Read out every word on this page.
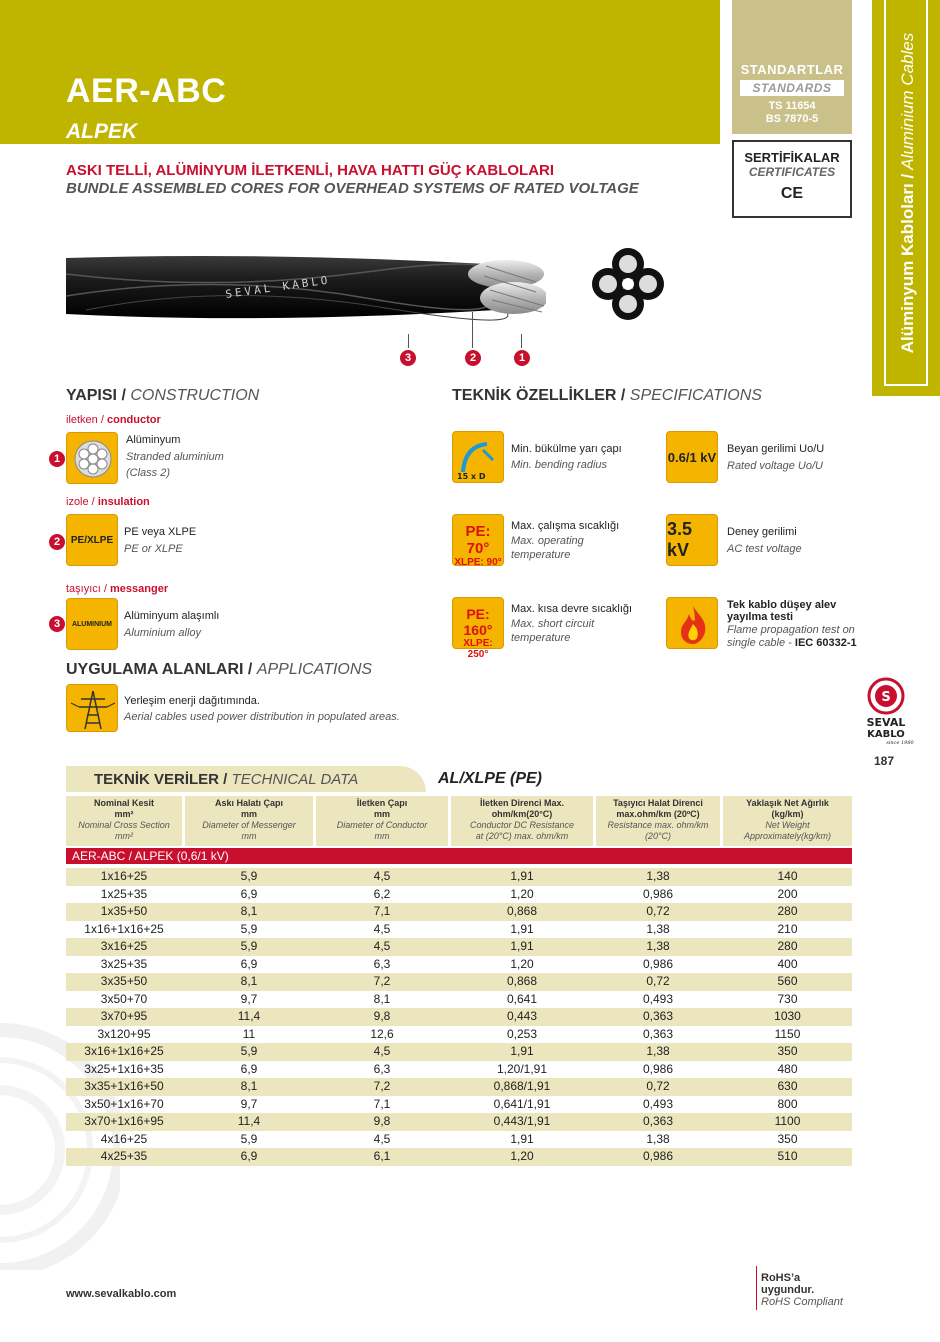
AER-ABC
ALPEK
STANDARTLAR
STANDARDS
TS 11654
BS 7870-5
SERTİFİKALAR
CERTIFICATES
CE	Alüminyum Kabloları /
Aluminium Cables
ASKI TELLİ, ALÜMİNYUM İLETKENLİ, HAVA HATTI GÜÇ KABLOLARI
BUNDLE ASSEMBLED CORES FOR OVERHEAD SYSTEMS OF RATED VOLTAGE
SEVAL KABLO
3	2	1
YAPISI / CONSTRUCTION
iletken / conductor
1
Alüminyum
Stranded aluminium
(Class 2)
izole / insulation
2	PE/XLPE
PE veya XLPE
PE or XLPE
taşıyıcı / messanger
3	ALUMINIUM
Alüminyum alaşımlı
Aluminium alloy
TEKNİK ÖZELLİKLER / SPECIFICATIONS
15 x D
Min. bükülme yarı çapı
Min. bending radius
0.6/1 kV
Beyan gerilimi Uo/U
Rated voltage Uo/U
PE: 70°
XLPE: 90°
Max. çalışma sıcaklığı
Max. operating
temperature
3.5 kV
Deney gerilimi
AC test voltage
PE: 160°
XLPE: 250°
Max. kısa devre sıcaklığı
Max. short circuit
temperature
Tek kablo düşey alev
yayılma testi
Flame propagation test on
single cable - IEC 60332-1
UYGULAMA ALANLARI / APPLICATIONS
Yerleşim enerji dağıtımında.
Aerial cables used power distribution in populated areas.
S
SEVAL
KABLO
since 1980
187
TEKNİK VERİLER / TECHNICAL DATA	AL/XLPE (PE)
Nominal Kesit
mm²
Nominal Cross Section
mm²
Askı Halatı Çapı
mm
Diameter of Messenger
mm
İletken Çapı
mm
Diameter of Conductor
mm
İletken Direnci Max.
ohm/km(20°C)
Conductor DC Resistance
at (20°C) max. ohm/km
Taşıyıcı Halat Direnci
max.ohm/km (20ºC)
Resistance max. ohm/km
(20°C)
Yaklaşık Net Ağırlık
(kg/km)
Net Weight
Approximately(kg/km)
AER-ABC / ALPEK (0,6/1 kV)
1x16+25	5,9	4,5	1,91	1,38	140
1x25+35	6,9	6,2	1,20	0,986	200
1x35+50	8,1	7,1	0,868	0,72	280
1x16+1x16+25	5,9	4,5	1,91	1,38	210
3x16+25	5,9	4,5	1,91	1,38	280
3x25+35	6,9	6,3	1,20	0,986	400
3x35+50	8,1	7,2	0,868	0,72	560
3x50+70	9,7	8,1	0,641	0,493	730
3x70+95	11,4	9,8	0,443	0,363	1030
3x120+95	11	12,6	0,253	0,363	1150
3x16+1x16+25	5,9	4,5	1,91	1,38	350
3x25+1x16+35	6,9	6,3	1,20/1,91	0,986	480
3x35+1x16+50	8,1	7,2	0,868/1,91	0,72	630
3x50+1x16+70	9,7	7,1	0,641/1,91	0,493	800
3x70+1x16+95	11,4	9,8	0,443/1,91	0,363	1100
4x16+25	5,9	4,5	1,91	1,38	350
4x25+35	6,9	6,1	1,20	0,986	510
www.sevalkablo.com
RoHS’a uygundur.
RoHS Compliant
